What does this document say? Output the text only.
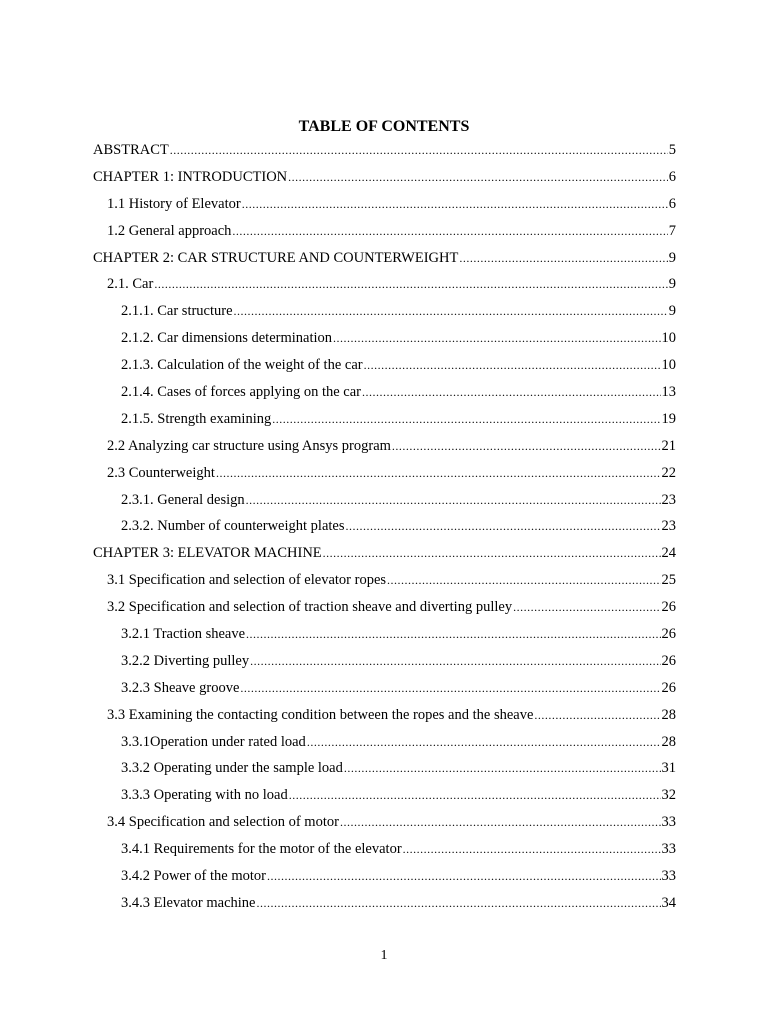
TABLE OF CONTENTS
ABSTRACT .....	5
CHAPTER 1: INTRODUCTION .....	6
1.1 History of Elevator .....	6
1.2 General approach .....	7
CHAPTER 2: CAR STRUCTURE AND COUNTERWEIGHT .....	9
2.1. Car .....	9
2.1.1. Car structure .....	9
2.1.2. Car dimensions determination .....	10
2.1.3. Calculation of the weight of the car .....	10
2.1.4. Cases of forces applying on the car .....	13
2.1.5. Strength examining .....	19
2.2 Analyzing car structure using Ansys program .....	21
2.3 Counterweight .....	22
2.3.1. General design .....	23
2.3.2. Number of counterweight plates .....	23
CHAPTER 3: ELEVATOR MACHINE .....	24
3.1 Specification and selection of elevator ropes .....	25
3.2 Specification and selection of traction sheave and diverting pulley .....	26
3.2.1 Traction sheave .....	26
3.2.2 Diverting pulley .....	26
3.2.3 Sheave groove .....	26
3.3 Examining the contacting condition between the ropes and the sheave .....	28
3.3.1Operation under rated load .....	28
3.3.2 Operating under the sample load .....	31
3.3.3 Operating with no load .....	32
3.4 Specification and selection of motor .....	33
3.4.1 Requirements for the motor of the elevator .....	33
3.4.2 Power of the motor .....	33
3.4.3 Elevator machine .....	34
1
